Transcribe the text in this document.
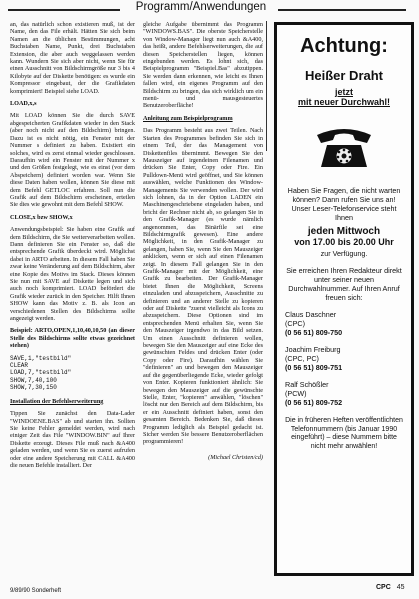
Programm/Anwendungen

an, das natürlich schon existieren muß, ist der Name, den das File erhält. Hätten Sie sich beim Namen an die üblichen Bestimmungen, acht Buchstaben Name, Punkt, drei Buchstaben Extension, die aber auch weggelassen werden kann. Wundern Sie sich aber nicht, wenn Sie für einen Ausschnitt von Bildschirmgröße nur 3 bis 4 Kilobyte auf der Diskette benötigen: es wurde ein Kompressor eingebaut, der die Grafikdaten komprimiert! Beispiel siehe LOAD.

LOAD,x,s

Mit LOAD können Sie die durch SAVE abgespeicherten Grafikdaten wieder in den Stack (aber noch nicht auf den Bildschirm) bringen. Dazu ist es nicht nötig, ein Fenster mit der Nummer s definiert zu haben. Existiert ein solches, wird es zerst einmal wieder geschlossen. Daraufhin wird ein Fenster mit der Nummer x und den Größen festgelegt, wie es einst (vor dem Abspeichern) definiert worden war. Wenn Sie diese Daten haben wollen, können Sie diese mit dem Befehl GETLOC erfahren. Soll nun die Grafik auf dem Bildschirm erscheinen, erteilen Sie dies wie gewohnt mit dem Befehl SHOW.

CLOSE,x bzw SHOW,x

Anwendungsbeispiel: Sie haben eine Grafik auf dem Bildschirm, die Sie weiterverarbeiten wollen. Dann definieren Sie ein Fenster so, daß die entsprechende Grafik überdeckt wird. Möglichst dabei in ARTO arbeiten. In diesem Fall haben Sie zwar keine Veränderung auf dem Bildschirm, aber eine Kopie des Motivs im Stack. Dieses können Sie nun mit SAVE auf Diskette legen und sich auch noch komprimiert. LOAD befördert die Grafik wieder zurück in den Speicher. Hilft Ihnen SHOW kann das Motiv z. B. als Icon an verschiedenen Stellen des Bildschirms sollte angezeigt werden.

Beispiel: ARTO,OPEN,1,10,40,10,50 (an dieser Stelle des Bildschirms sollte etwas gezeichnet stehen)

SAVE,1,"testbild"
CLEAR
LOAD,7,"testbild"
SHOW,7,40,100
SHOW,7,30,150

Installation der Befehlserweiterung

Tippen Sie zunächst den Data-Lader "WINDOENE.BAS" ab und starten ihn. Sollten Sie keine Fehler gemeldet werden, wird nach einiger Zeit das File "WINDOW.BIN" auf Ihrer Diskette erzeugt. Dieses File muß nach &A400 geladen werden, und wenn Sie es zuerst aufrufen oder eine andere Speicherung mit CALL &A400 die neuen Befehle installiert. Der

gleiche Aufgabe übernimmt das Programm "WINDOWS.BAS". Die oberste Speicherstelle von Window-Manager liegt nun auch &A400, das heißt, andere Befehlserweiterungen, die auf diesen Speicherstellen liegen, können eingebunden werden. Es lohnt sich, das Beispielprogramm "Beispiel.Bas" abzutippen. Sie werden dann erkennen, wie leicht es Ihnen fallen wird, ein eigenes Programm auf den Bildschirm zu bringen, das sich wirklich um ein menü- und mausgesteuertes Benutzeroberfläche!

Anleitung zum Beispielprogramm

Das Programm besteht aus zwei Teilen. Nach Starten des Programmes befinden Sie sich in einem Teil, der das Management von Diskettenfiles übernimmt. Bewegen Sie den Mauszeiger auf irgendeinen Filenamen und drücken Sie Enter, Copy oder Fire. Ein Pulldown-Menü wird geöffnet, und Sie können auswählen, welche Funktionen des Window-Managements Sie verwenden wollen. Der wird sich lohnen, da in der Option LADEN ein Maschinengeschriebene eingeladen haben, und bricht der Rechner nicht ab, so gelangen Sie in den Grafik-Manager (es wurde nämlich angenommen, das Binärfile sei eine Bildschirmgrafik gewesen). Eine andere Möglichkeit, in den Grafik-Manager zu gelangen, haben Sie, wenn Sie den Mauszeiger anklicken, wenn er sich auf einen Filenamen zeigt. In diesem Fall gelangen Sie in den Grafik-Manager mit der Möglichkeit, eine Grafik zu bearbeiten. Der Grafik-Manager bietet Ihnen die Möglichkeit, Screens einzuladen und abzuspeichern, Ausschnitte zu definieren und an anderer Stelle zu kopieren oder auf Diskette "zuerst vielleicht als Icons zu abzuspeichern. Diese Optionen sind im entsprechenden Menü erhalten Sie, wenn Sie den Mauszeiger irgendwo in das Bild setzen. Um einen Ausschnitt definieren wollen, bewegen Sie den Mauszeiger auf eine Ecke des gewünschten Feldes und drücken Enter (oder Copy oder Fire). Daraufhin wählen Sie "definieren" an und bewegen den Mauszeiger auf die gegenüberliegende Ecke, wieder gefolgt von Enter. Kopieren funktioniert ähnlich: Sie bewegen den Mauszeiger auf die gewünschte Stelle, Enter, "kopieren" anwählen, "löschen" löscht nur den Bereich auf dem Bildschirm, bis er ein Ausschnitt definiert haben, sonst den gesamten Bereich. Bedenken Sie, daß dieses Programm lediglich als Beispiel gedacht ist. Sicher werden Sie bessere Benutzeroberflächen programmieren!

(Michael Christen/cd)
Achtung:
Heißer Draht
jetzt
mit neuer Durchwahl!
Haben Sie Fragen, die nicht warten können? Dann rufen Sie uns an! Unser Leser-Telefonservice steht Ihnen
jeden Mittwoch
von 17.00 bis 20.00 Uhr
zur Verfügung.
Sie erreichen Ihren Redakteur direkt unter seiner neuen Durchwahlnummer. Auf Ihren Anruf freuen sich:
Claus Daschner
(CPC)
(0 56 51) 809-750
Joachim Freiburg
(CPC, PC)
(0 56 51) 809-751
Ralf Schößler
(PCW)
(0 56 51) 809-752
Die in früheren Heften veröffentlichten Telefonnummern (bis Januar 1990 eingeführt) – diese Nummern bitte nicht mehr anwählen!
9/89/90 Sonderheft	CPC 45
